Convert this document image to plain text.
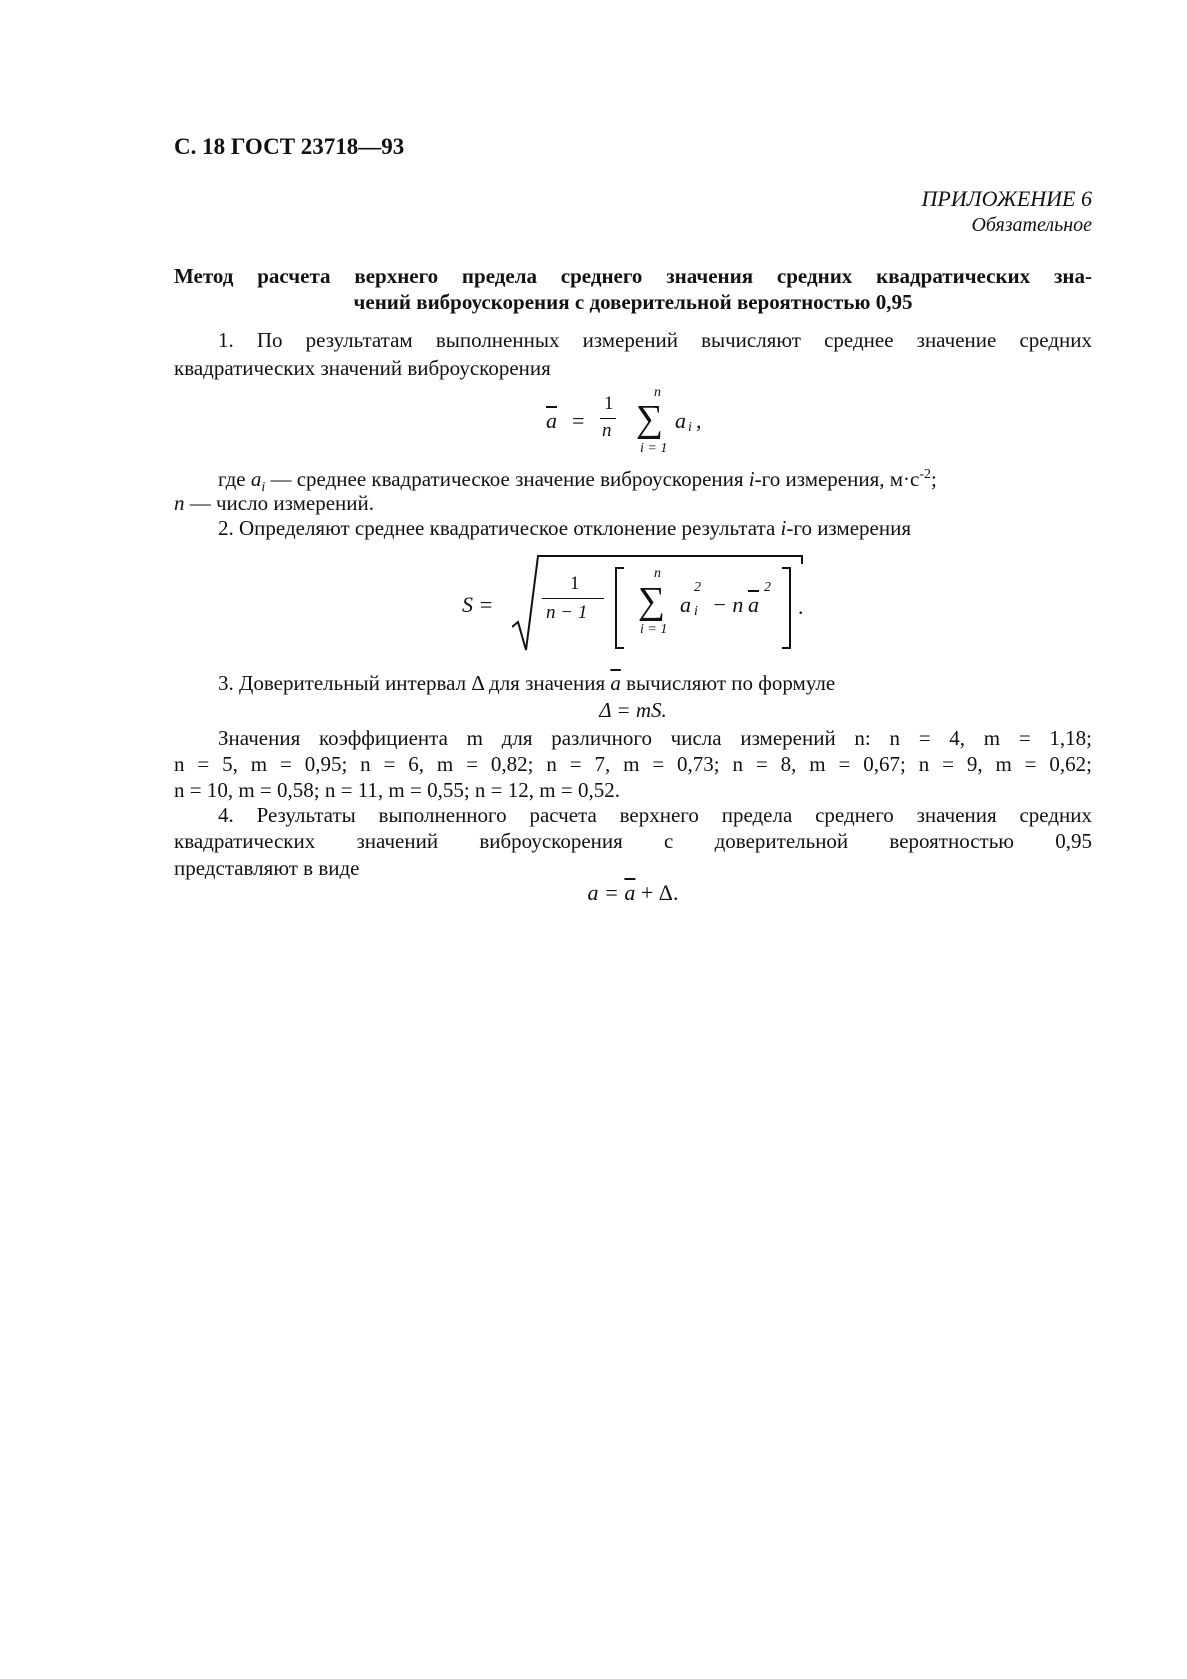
С. 18 ГОСТ 23718—93
ПРИЛОЖЕНИЕ 6
Обязательное
Метод расчета верхнего предела среднего значения средних квадратических зна-
чений виброускорения с доверительной вероятностью 0,95
1. По результатам выполненных измерений вычисляют среднее значение средних
квадратических значений виброускорения
$\overline{a}$ =
1
n
n
∑
i = 1
a i ,
где $a_i$ — среднее квадратическое значение виброускорения i-го измерения, $м\cdot с^{-2}$;
n — число измерений.
2. Определяют среднее квадратическое отклонение результата i-го измерения
S =
1
n − 1
n
∑
i = 1
a
2
i − n $\overline{a}$
2
.
3. Доверительный интервал Δ для значения $\overline{a}$ вычисляют по формуле
Δ = mS.
Значения коэффициента m для различного числа измерений n: n = 4, m = 1,18;
n = 5, m = 0,95; n = 6, m = 0,82; n = 7, m = 0,73; n = 8, m = 0,67; n = 9, m = 0,62;
n = 10, m = 0,58; n = 11, m = 0,55; n = 12, m = 0,52.
4. Результаты выполненного расчета верхнего предела среднего значения средних
квадратических значений виброускорения с доверительной вероятностью 0,95
представляют в виде
$a = \overline{a} + \Delta$.
